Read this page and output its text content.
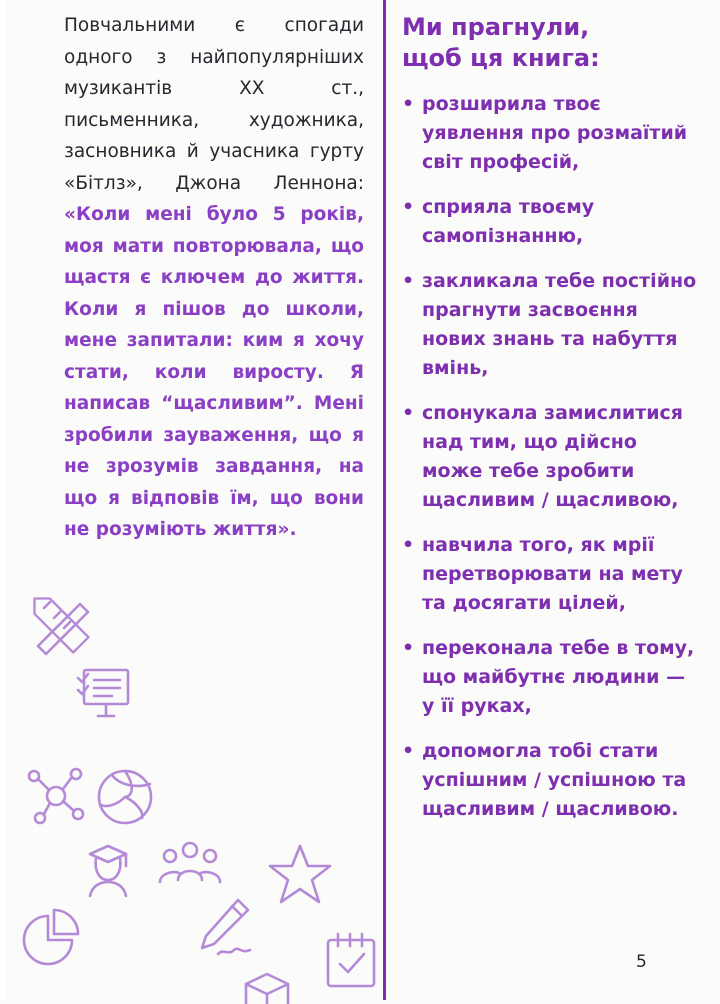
Повчальними є спогади одного з найпопулярніших музикантів XX ст., письменника, художника, засновника й учасника гурту «Бітлз», Джона Леннона: «Коли мені було 5 років, моя мати повторювала, що щастя є ключем до життя. Коли я пішов до школи, мене запитали: ким я хочу стати, коли виросту. Я написав “щасливим”. Мені зробили зауваження, що я не зрозумів завдання, на що я відповів їм, що вони не розуміють життя».
Ми прагнули,
щоб ця книга:
• розширила твоє уявлення про розмаїтий світ професій,
• сприяла твоєму самопізнанню,
• закликала тебе постійно прагнути засвоєння нових знань та набуття вмінь,
• спонукала замислитися над тим, що дійсно може тебе зробити щасливим / щасливою,
• навчила того, як мрії перетворювати на мету та досягати цілей,
• переконала тебе в тому, що майбутнє людини — у її руках,
• допомогла тобі стати успішним / успішною та щасливим / щасливою.
5
